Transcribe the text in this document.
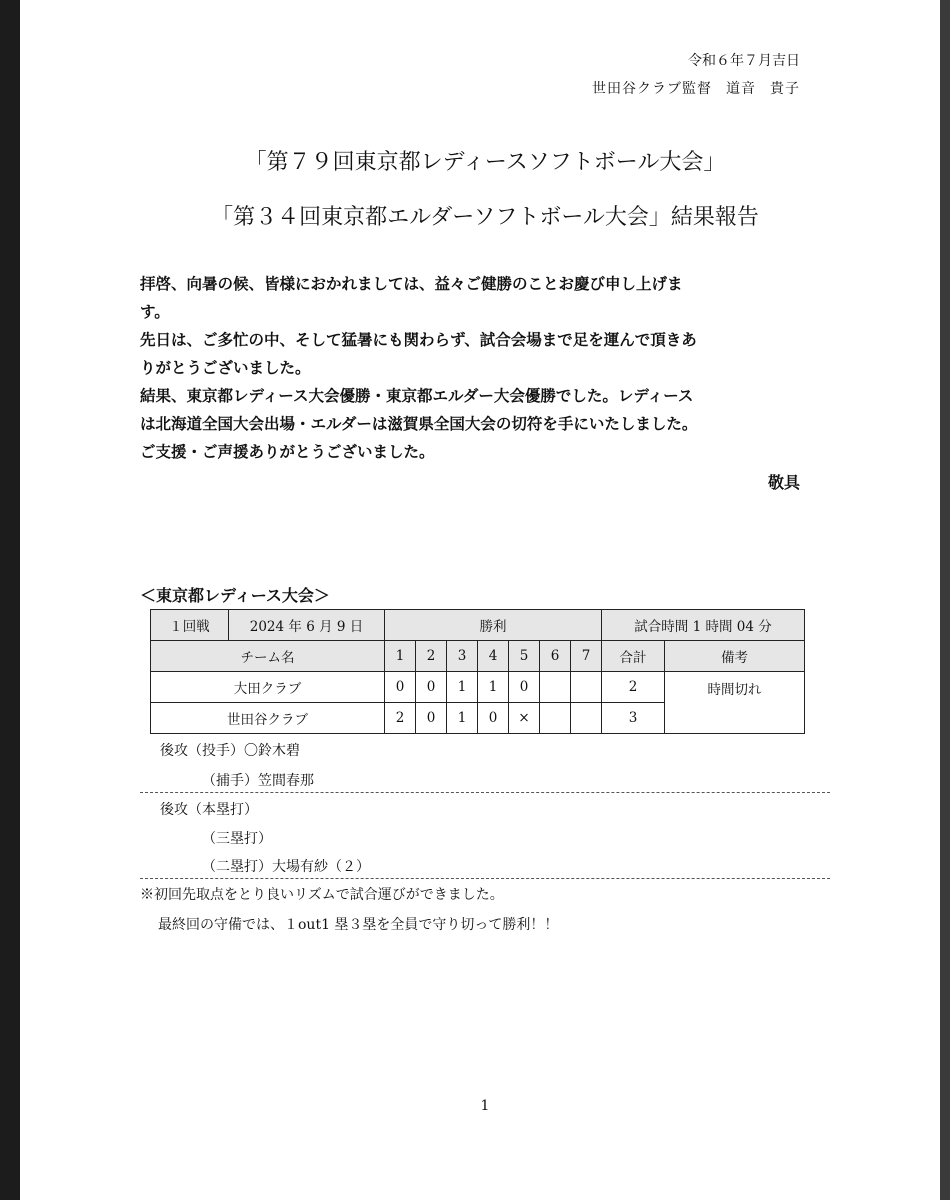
令和６年７月吉日
世田谷クラブ監督 道音 貴子
「第７９回東京都レディースソフトボール大会」
「第３４回東京都エルダーソフトボール大会」結果報告

拝啓、向暑の候、皆様におかれましては、益々ご健勝のことお慶び申し上げま

す。

先日は、ご多忙の中、そして猛暑にも関わらず、試合会場まで足を運んで頂きあ

りがとうございました。

結果、東京都レディース大会優勝・東京都エルダー大会優勝でした。レディース

は北海道全国大会出場・エルダーは滋賀県全国大会の切符を手にいたしました。

ご支援・ご声援ありがとうございました。

敬具
＜東京都レディース大会＞
１回戦	2024 年 6 月 9 日	勝利							試合時間 1 時間 04 分	
チーム名		1	2	3	4	5	6	7	合計	備考
大田クラブ		0	0	1	1	0			2	時間切れ
世田谷クラブ		2	0	1	0	×			3	
後攻（投手）〇鈴木碧
（捕手）笠間春那
後攻（本塁打）
（三塁打）
（二塁打）大場有紗（２）
※初回先取点をとり良いリズムで試合運びができました。
最終回の守備では、１out1 塁３塁を全員で守り切って勝利！！
1
